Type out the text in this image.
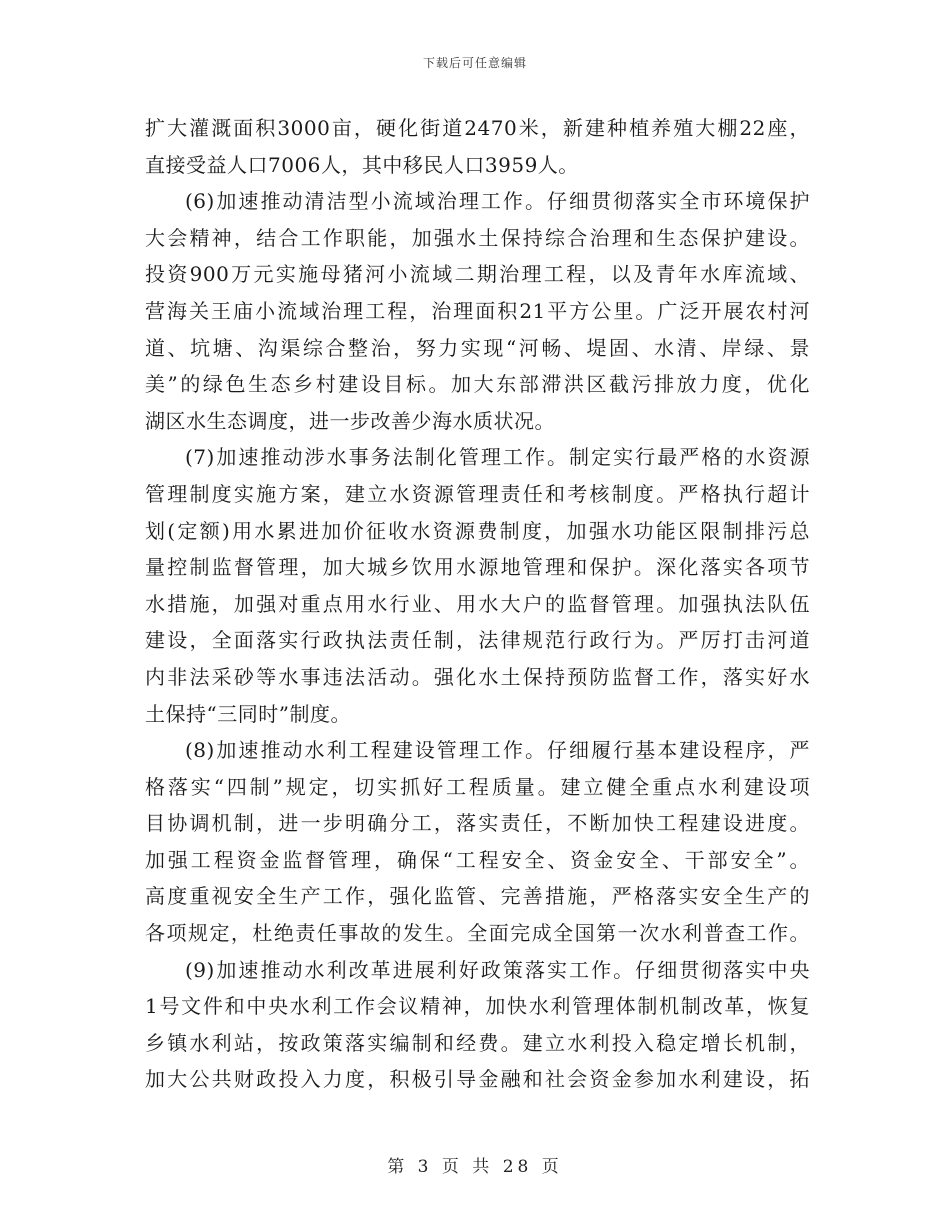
下载后可任意编辑
扩大灌溉面积3000亩，硬化街道2470米，新建种植养殖大棚22座，
直接受益人口7006人，其中移民人口3959人。
(6)加速推动清洁型小流域治理工作。仔细贯彻落实全市环境保护
大会精神，结合工作职能，加强水土保持综合治理和生态保护建设。
投资900万元实施母猪河小流域二期治理工程，以及青年水库流域、
营海关王庙小流域治理工程，治理面积21平方公里。广泛开展农村河
道、坑塘、沟渠综合整治，努力实现“河畅、堤固、水清、岸绿、景
美”的绿色生态乡村建设目标。加大东部滞洪区截污排放力度，优化
湖区水生态调度，进一步改善少海水质状况。
(7)加速推动涉水事务法制化管理工作。制定实行最严格的水资源
管理制度实施方案，建立水资源管理责任和考核制度。严格执行超计
划(定额)用水累进加价征收水资源费制度，加强水功能区限制排污总
量控制监督管理，加大城乡饮用水源地管理和保护。深化落实各项节
水措施，加强对重点用水行业、用水大户的监督管理。加强执法队伍
建设，全面落实行政执法责任制，法律规范行政行为。严厉打击河道
内非法采砂等水事违法活动。强化水土保持预防监督工作，落实好水
土保持“三同时”制度。
(8)加速推动水利工程建设管理工作。仔细履行基本建设程序，严
格落实“四制”规定，切实抓好工程质量。建立健全重点水利建设项
目协调机制，进一步明确分工，落实责任，不断加快工程建设进度。
加强工程资金监督管理，确保“工程安全、资金安全、干部安全”。
高度重视安全生产工作，强化监管、完善措施，严格落实安全生产的
各项规定，杜绝责任事故的发生。全面完成全国第一次水利普查工作。
(9)加速推动水利改革进展利好政策落实工作。仔细贯彻落实中央
1号文件和中央水利工作会议精神，加快水利管理体制机制改革，恢复
乡镇水利站，按政策落实编制和经费。建立水利投入稳定增长机制，
加大公共财政投入力度，积极引导金融和社会资金参加水利建设，拓
第 3 页 共 28 页
